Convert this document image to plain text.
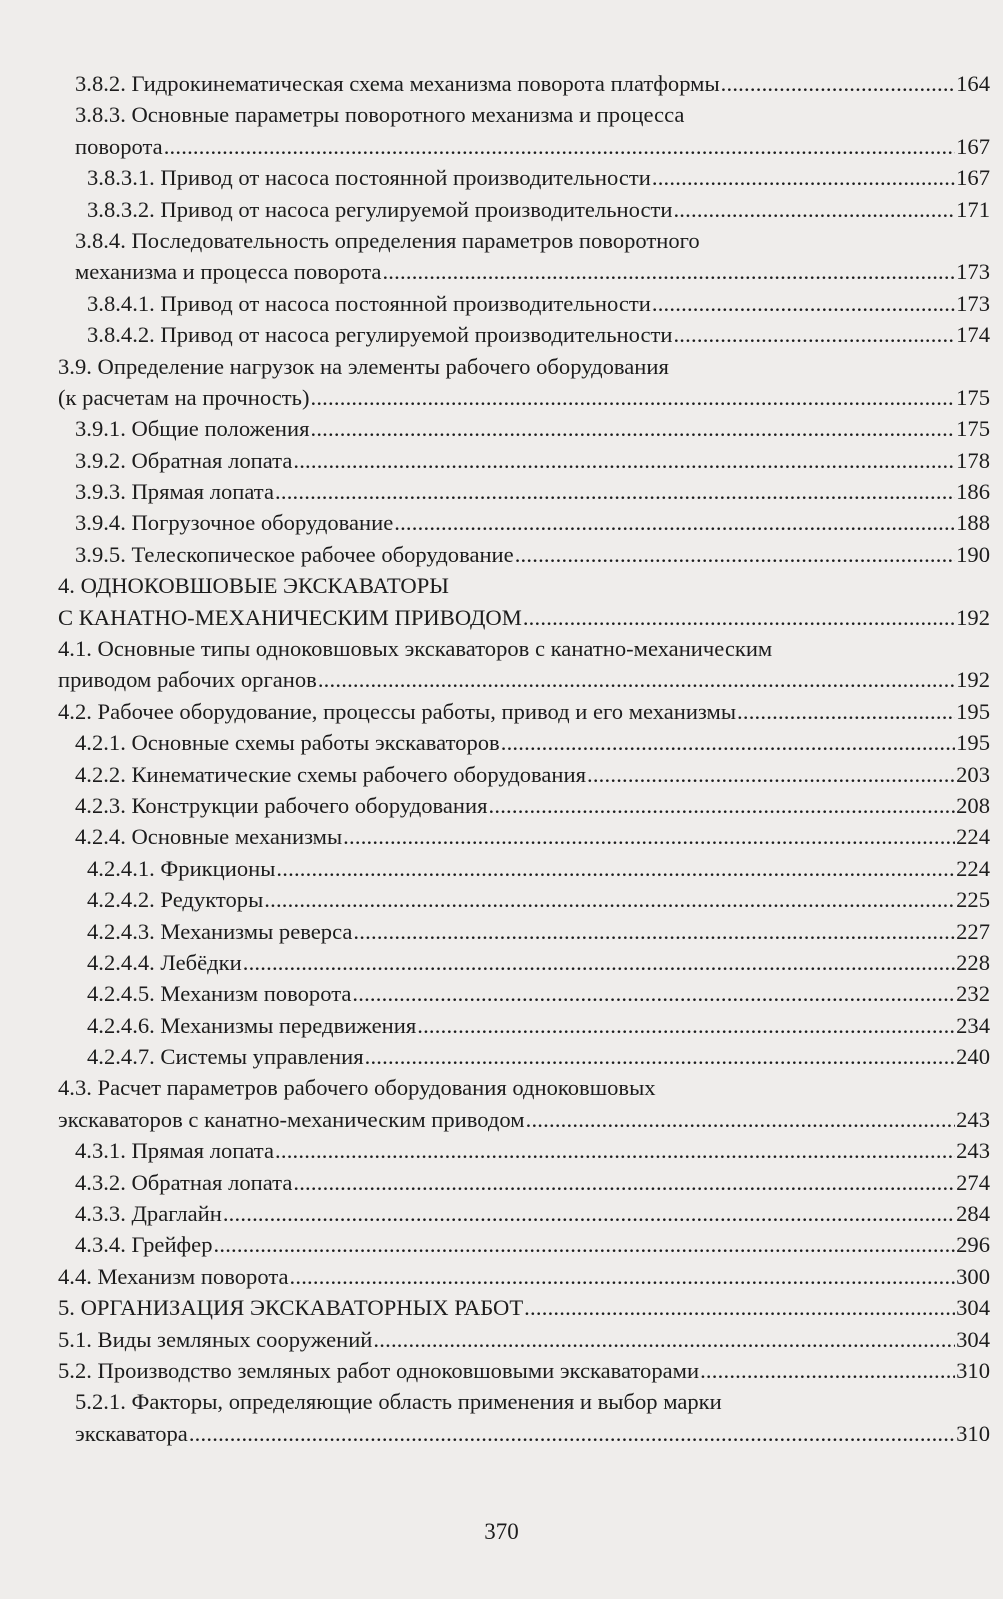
3.8.2. Гидрокинематическая схема механизма поворота платформы .....	164
3.8.3. Основные параметры поворотного механизма и процесса
поворота .....	167
3.8.3.1. Привод от насоса постоянной производительности .....	167
3.8.3.2. Привод от насоса регулируемой производительности .....	171
3.8.4. Последовательность определения параметров поворотного
механизма и процесса поворота .....	173
3.8.4.1. Привод от насоса постоянной производительности .....	173
3.8.4.2. Привод от насоса регулируемой производительности .....	174
3.9. Определение нагрузок на элементы рабочего оборудования
(к расчетам на прочность) .....	175
3.9.1. Общие положения .....	175
3.9.2. Обратная лопата .....	178
3.9.3. Прямая лопата .....	186
3.9.4. Погрузочное оборудование .....	188
3.9.5. Телескопическое рабочее оборудование .....	190
4. ОДНОКОВШОВЫЕ ЭКСКАВАТОРЫ
С КАНАТНО-МЕХАНИЧЕСКИМ ПРИВОДОМ .....	192
4.1. Основные типы одноковшовых экскаваторов с канатно-механическим
приводом рабочих органов .....	192
4.2. Рабочее оборудование, процессы работы, привод и его механизмы .....	195
4.2.1. Основные схемы работы экскаваторов .....	195
4.2.2. Кинематические схемы рабочего оборудования .....	203
4.2.3. Конструкции рабочего оборудования .....	208
4.2.4. Основные механизмы .....	224
4.2.4.1. Фрикционы .....	224
4.2.4.2. Редукторы .....	225
4.2.4.3. Механизмы реверса .....	227
4.2.4.4. Лебёдки .....	228
4.2.4.5. Механизм поворота .....	232
4.2.4.6. Механизмы передвижения .....	234
4.2.4.7. Системы управления .....	240
4.3. Расчет параметров рабочего оборудования одноковшовых
экскаваторов с канатно-механическим приводом .....	243
4.3.1. Прямая лопата .....	243
4.3.2. Обратная лопата .....	274
4.3.3. Драглайн .....	284
4.3.4. Грейфер .....	296
4.4. Механизм поворота .....	300
5. ОРГАНИЗАЦИЯ ЭКСКАВАТОРНЫХ РАБОТ .....	304
5.1. Виды земляных сооружений .....	304
5.2. Производство земляных работ одноковшовыми экскаваторами .....	310
5.2.1. Факторы, определяющие область применения и выбор марки
экскаватора .....	310
370
